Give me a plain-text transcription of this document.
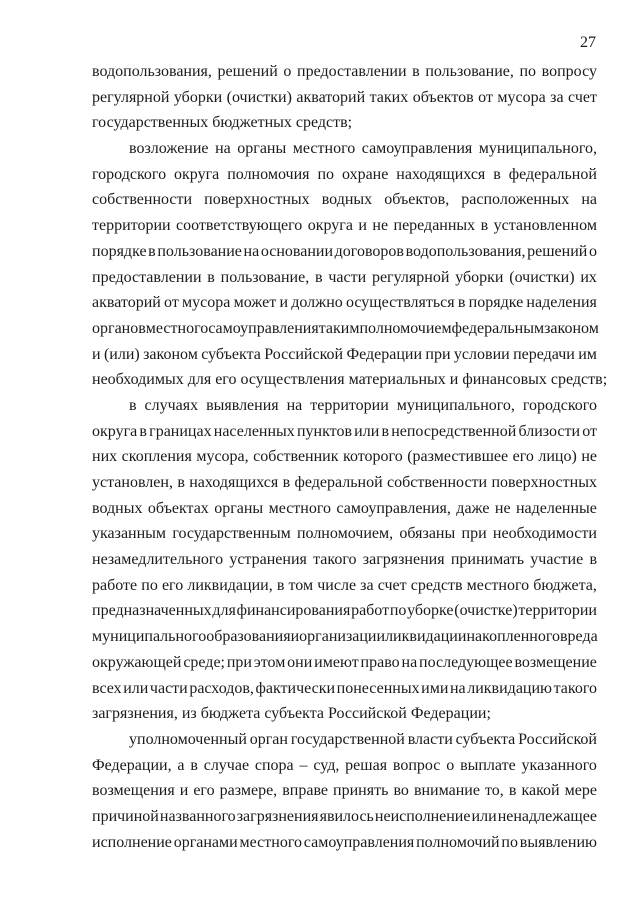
27
водопользования, решений о предоставлении в пользование, по вопросу
регулярной уборки (очистки) акваторий таких объектов от мусора за счет
государственных бюджетных средств;
возложение на органы местного самоуправления муниципального,
городского округа полномочия по охране находящихся в федеральной
собственности поверхностных водных объектов, расположенных на
территории соответствующего округа и не переданных в установленном
порядке в пользование на основании договоров водопользования, решений о
предоставлении в пользование, в части регулярной уборки (очистки) их
акваторий от мусора может и должно осуществляться в порядке наделения
органов местного самоуправления таким полномочием федеральным законом
и (или) законом субъекта Российской Федерации при условии передачи им
необходимых для его осуществления материальных и финансовых средств;
в случаях выявления на территории муниципального, городского
округа в границах населенных пунктов или в непосредственной близости от
них скопления мусора, собственник которого (разместившее его лицо) не
установлен, в находящихся в федеральной собственности поверхностных
водных объектах органы местного самоуправления, даже не наделенные
указанным государственным полномочием, обязаны при необходимости
незамедлительного устранения такого загрязнения принимать участие в
работе по его ликвидации, в том числе за счет средств местного бюджета,
предназначенных для финансирования работ по уборке (очистке) территории
муниципального образования и организации ликвидации накопленного вреда
окружающей среде; при этом они имеют право на последующее возмещение
всех или части расходов, фактически понесенных ими на ликвидацию такого
загрязнения, из бюджета субъекта Российской Федерации;
уполномоченный орган государственной власти субъекта Российской
Федерации, а в случае спора – суд, решая вопрос о выплате указанного
возмещения и его размере, вправе принять во внимание то, в какой мере
причиной названного загрязнения явилось неисполнение или ненадлежащее
исполнение органами местного самоуправления полномочий по выявлению
